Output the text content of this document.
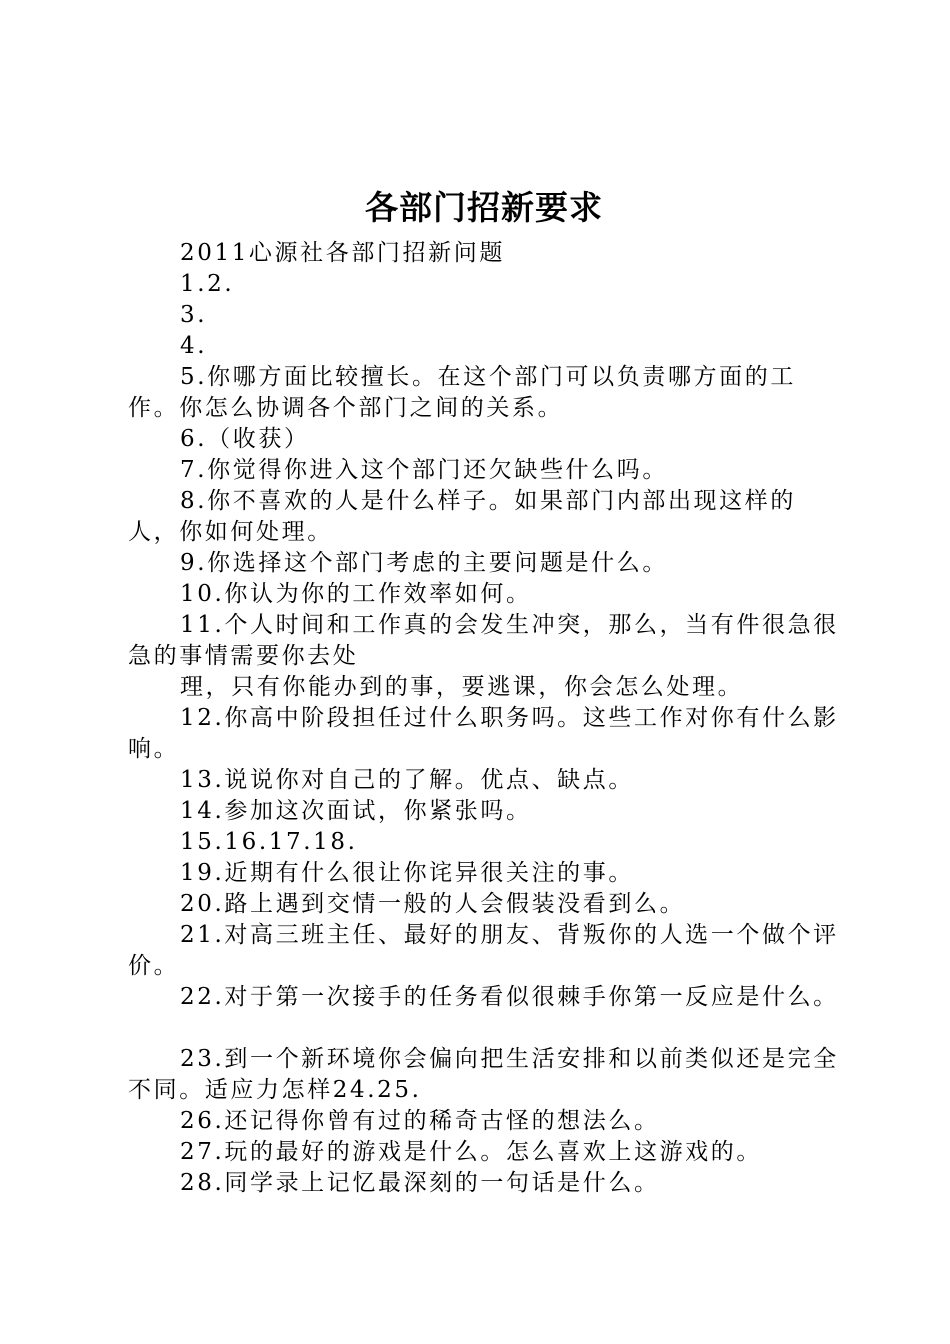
各部门招新要求

2011心源社各部门招新问题

1.2.

3.

4.

5.你哪方面比较擅长。在这个部门可以负责哪方面的工作。你怎么协调各个部门之间的关系。

6.（收获）

7.你觉得你进入这个部门还欠缺些什么吗。

8.你不喜欢的人是什么样子。如果部门内部出现这样的人，你如何处理。

9.你选择这个部门考虑的主要问题是什么。

10.你认为你的工作效率如何。

11.个人时间和工作真的会发生冲突，那么，当有件很急很急的事情需要你去处

理，只有你能办到的事，要逃课，你会怎么处理。

12.你高中阶段担任过什么职务吗。这些工作对你有什么影响。

13.说说你对自己的了解。优点、缺点。

14.参加这次面试，你紧张吗。

15.16.17.18.

19.近期有什么很让你诧异很关注的事。

20.路上遇到交情一般的人会假装没看到么。

21.对高三班主任、最好的朋友、背叛你的人选一个做个评价。

22.对于第一次接手的任务看似很棘手你第一反应是什么。

23.到一个新环境你会偏向把生活安排和以前类似还是完全不同。适应力怎样24.25.

26.还记得你曾有过的稀奇古怪的想法么。

27.玩的最好的游戏是什么。怎么喜欢上这游戏的。

28.同学录上记忆最深刻的一句话是什么。
